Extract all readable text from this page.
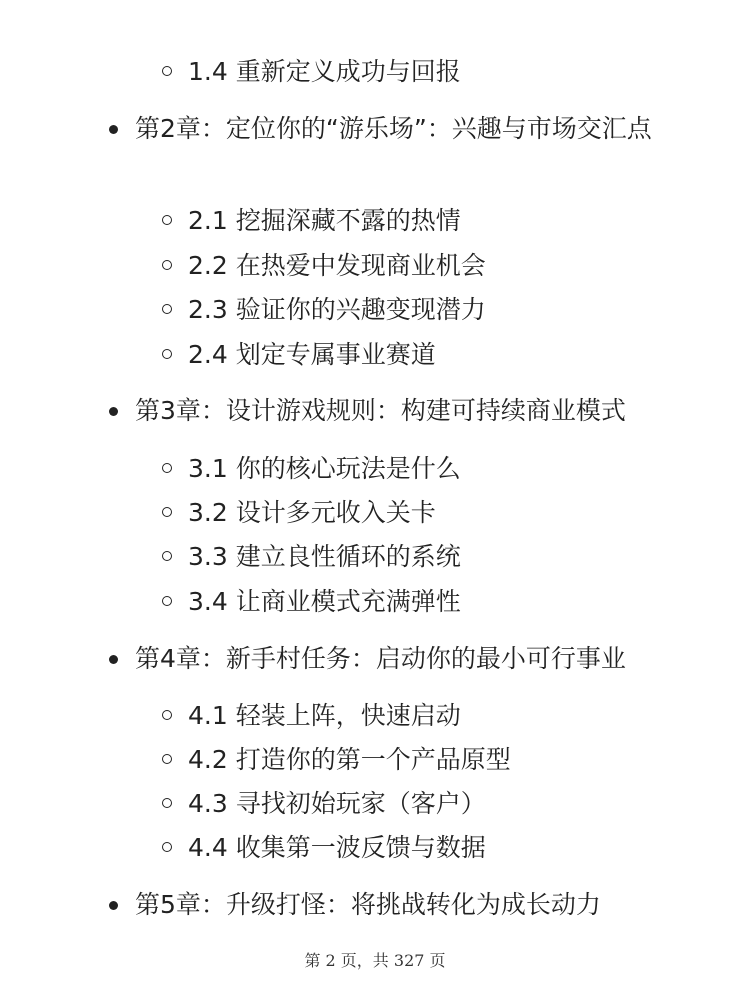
1.4 重新定义成功与回报
第2章：定位你的“游乐场”：兴趣与市场交汇点
2.1 挖掘深藏不露的热情
2.2 在热爱中发现商业机会
2.3 验证你的兴趣变现潜力
2.4 划定专属事业赛道
第3章：设计游戏规则：构建可持续商业模式
3.1 你的核心玩法是什么
3.2 设计多元收入关卡
3.3 建立良性循环的系统
3.4 让商业模式充满弹性
第4章：新手村任务：启动你的最小可行事业
4.1 轻装上阵，快速启动
4.2 打造你的第一个产品原型
4.3 寻找初始玩家（客户）
4.4 收集第一波反馈与数据
第5章：升级打怪：将挑战转化为成长动力
第 2 页，共 327 页
